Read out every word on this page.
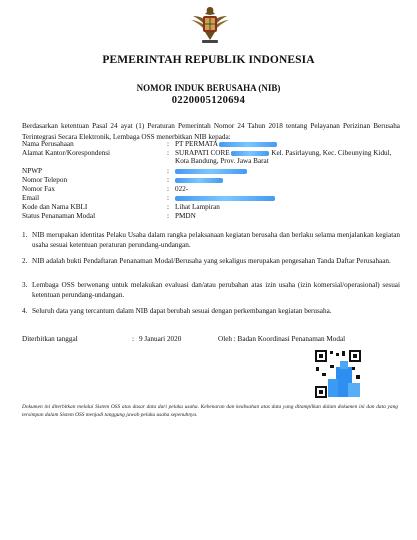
PEMERINTAH REPUBLIK INDONESIA
NOMOR INDUK BERUSAHA (NIB)
0220005120694
Berdasarkan ketentuan Pasal 24 ayat (1) Peraturan Pemerintah Nomor 24 Tahun 2018 tentang Pelayanan Perizinan Berusaha Terintegrasi Secara Elektronik, Lembaga OSS menerbitkan NIB kepada:
Nama Perusahaan	: PT PERMATA
Alamat Kantor/Korespondensi	: SURAPATI CORE	Kel. Pasirlayung, Kec. Cibeunying Kidul, Kota Bandung, Prov. Jawa Barat
NPWP	:
Nomor Telepon	:
Nomor Fax	: 022-
Email	:
Kode dan Nama KBLI	: Lihat Lampiran
Status Penanaman Modal	: PMDN
1. NIB merupakan identitas Pelaku Usaha dalam rangka pelaksanaan kegiatan berusaha dan berlaku selama menjalankan kegiatan usaha sesuai ketentuan peraturan perundang-undangan.
2. NIB adalah bukti Pendaftaran Penanaman Modal/Berusaha yang sekaligus merupakan pengesahan Tanda Daftar Perusahaan.
3. Lembaga OSS berwenang untuk melakukan evaluasi dan/atau perubahan atas izin usaha (izin komersial/operasional) sesuai ketentuan perundang-undangan.
4. Seluruh data yang tercantum dalam NIB dapat berubah sesuai dengan perkembangan kegiatan berusaha.
Diterbitkan tanggal	: 9 Januari 2020	Oleh : Badan Koordinasi Penanaman Modal
Dokumen ini diterbitkan melalui Sistem OSS atas dasar data dari pelaku usaha. Kebenaran dan keabsahan atas data yang ditampilkan dalam dokumen ini dan data yang tersimpan dalam Sistem OSS menjadi tanggung jawab pelaku usaha sepenuhnya.
